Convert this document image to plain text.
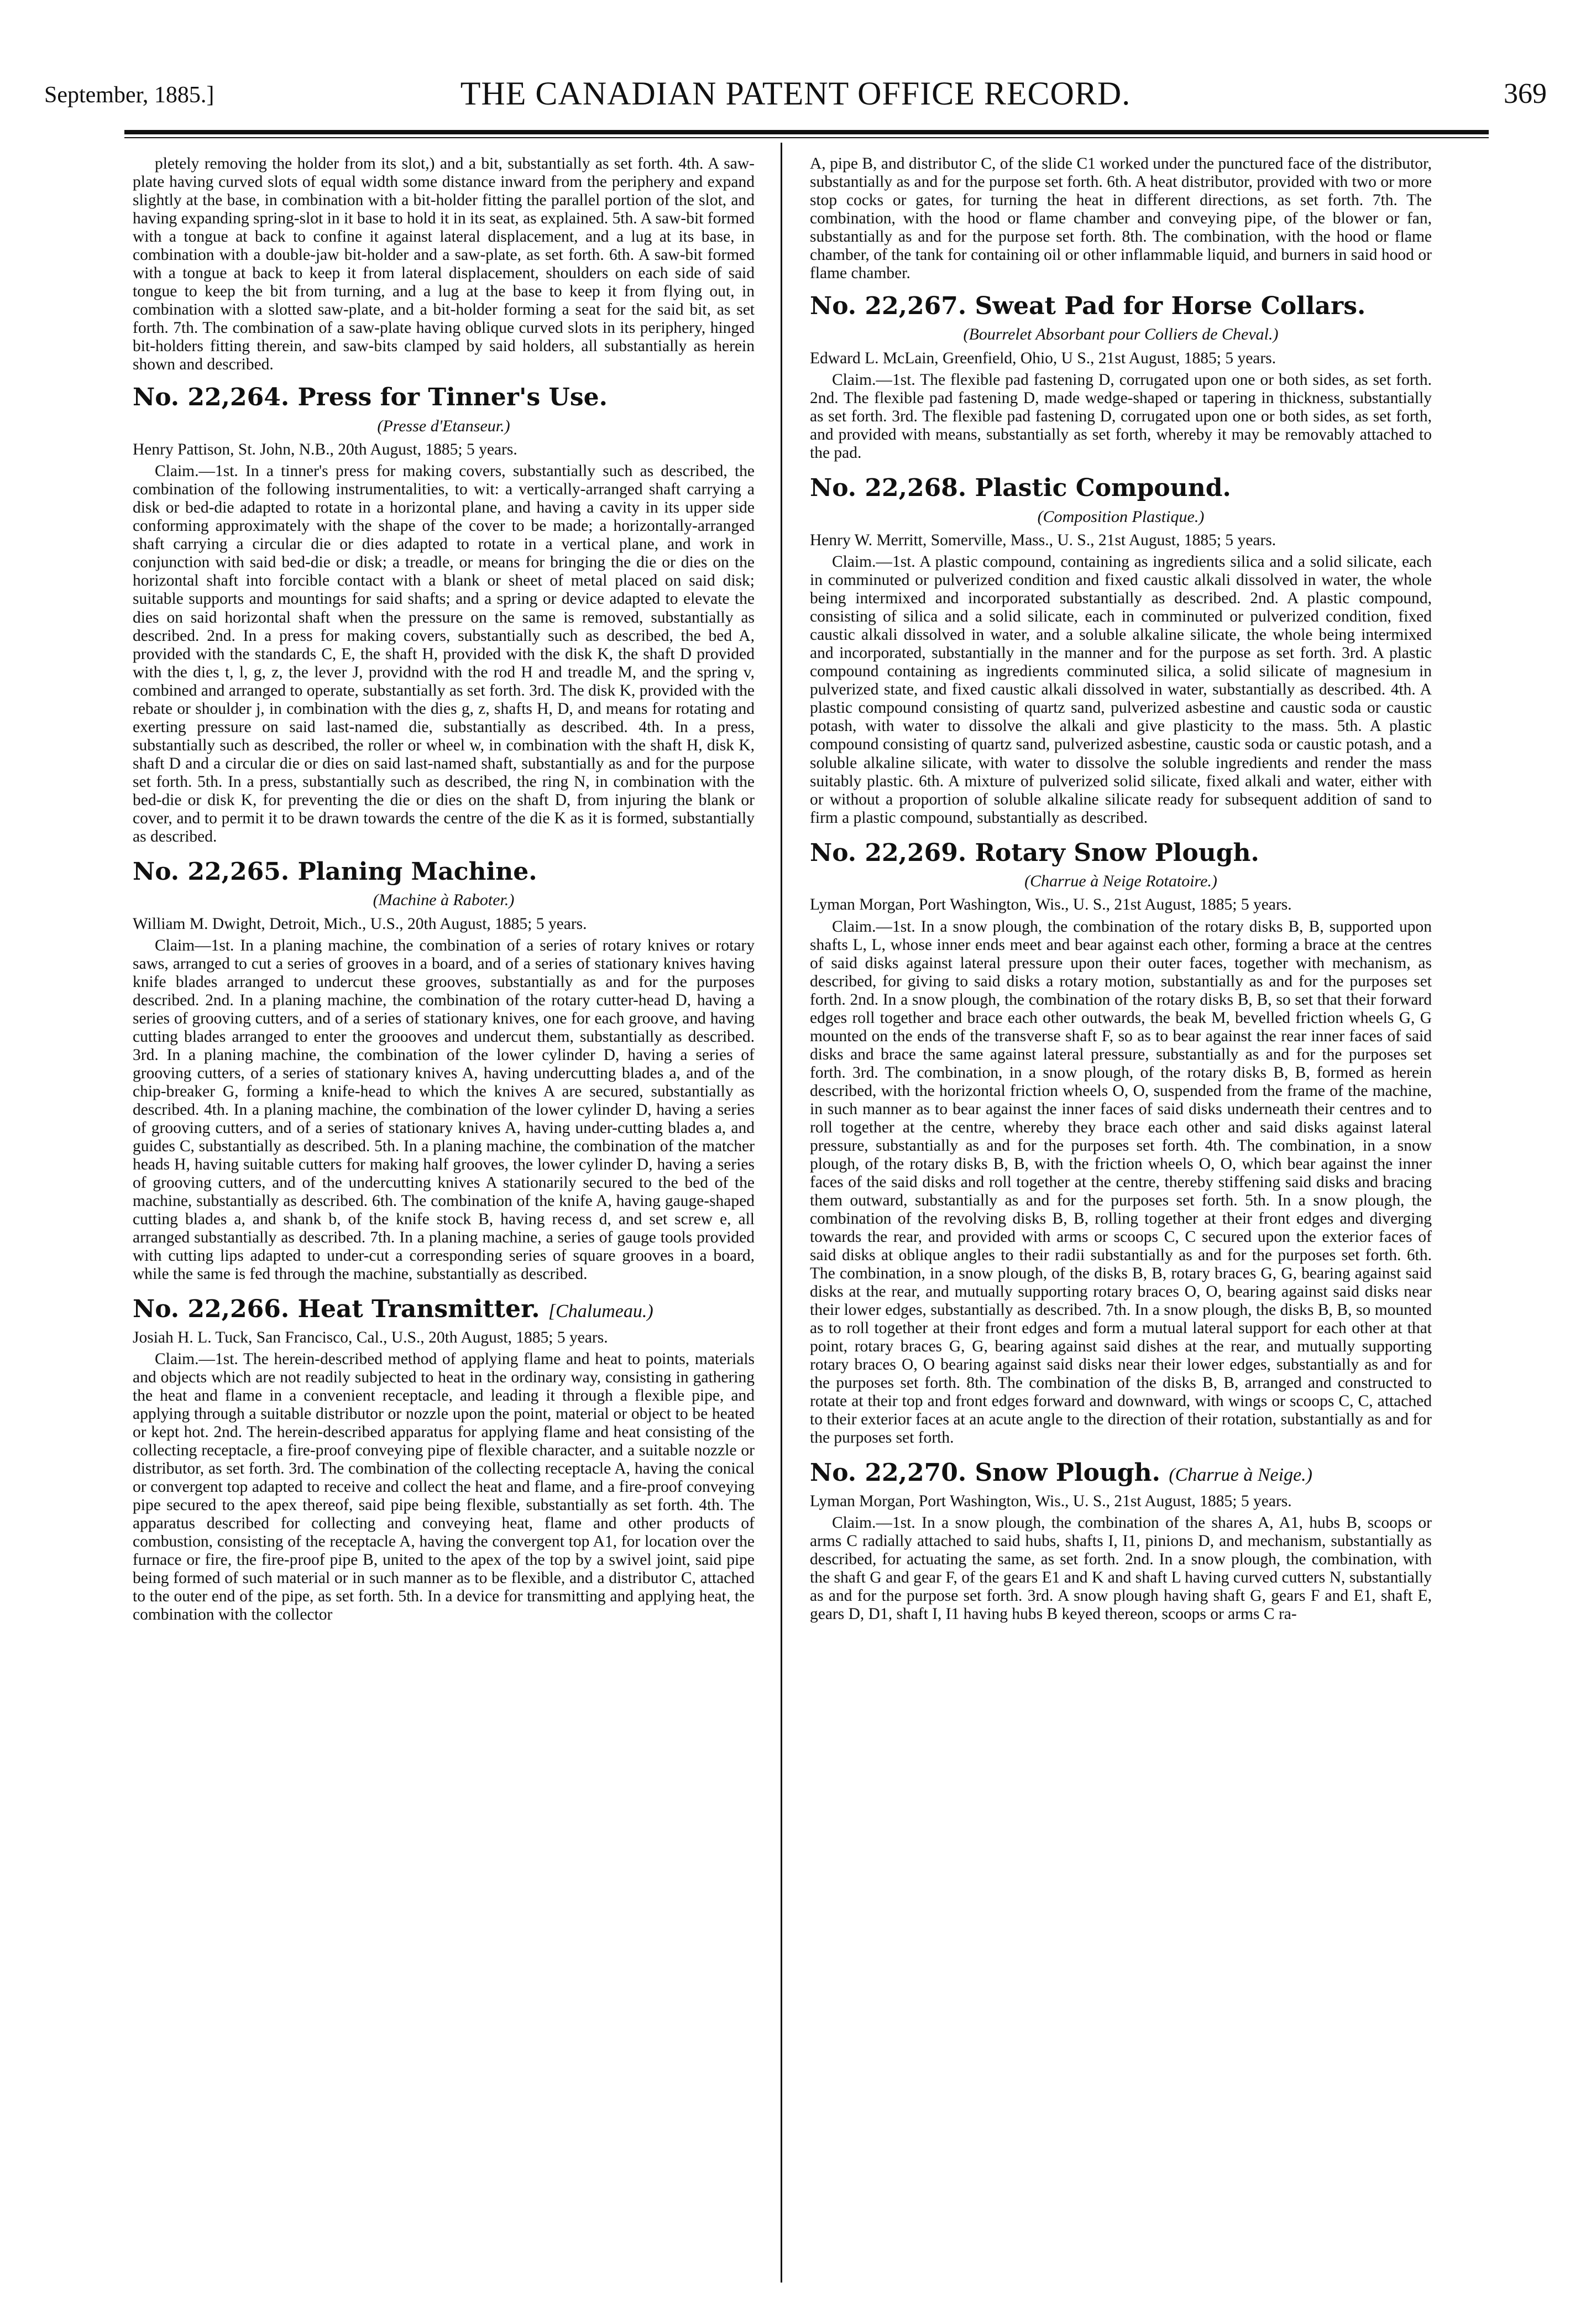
September, 1885.]	THE CANADIAN PATENT OFFICE RECORD.	369

pletely removing the holder from its slot,) and a bit, substantially as set forth. 4th. A saw-plate having curved slots of equal width some distance inward from the periphery and expand slightly at the base, in combination with a bit-holder fitting the parallel portion of the slot, and having expanding spring-slot in it base to hold it in its seat, as explained. 5th. A saw-bit formed with a tongue at back to confine it against lateral displacement, and a lug at its base, in combination with a double-jaw bit-holder and a saw-plate, as set forth. 6th. A saw-bit formed with a tongue at back to keep it from lateral displacement, shoulders on each side of said tongue to keep the bit from turning, and a lug at the base to keep it from flying out, in combination with a slotted saw-plate, and a bit-holder forming a seat for the said bit, as set forth. 7th. The combination of a saw-plate having oblique curved slots in its periphery, hinged bit-holders fitting therein, and saw-bits clamped by said holders, all substantially as herein shown and described.

No. 22,264. Press for Tinner's Use.
(Presse d'Etanseur.)

Henry Pattison, St. John, N.B., 20th August, 1885; 5 years.

Claim.—1st. In a tinner's press for making covers, substantially such as described, the combination of the following instrumentalities, to wit: a vertically-arranged shaft carrying a disk or bed-die adapted to rotate in a horizontal plane, and having a cavity in its upper side conforming approximately with the shape of the cover to be made; a horizontally-arranged shaft carrying a circular die or dies adapted to rotate in a vertical plane, and work in conjunction with said bed-die or disk; a treadle, or means for bringing the die or dies on the horizontal shaft into forcible contact with a blank or sheet of metal placed on said disk; suitable supports and mountings for said shafts; and a spring or device adapted to elevate the dies on said horizontal shaft when the pressure on the same is removed, substantially as described. 2nd. In a press for making covers, substantially such as described, the bed A, provided with the standards C, E, the shaft H, provided with the disk K, the shaft D provided with the dies t, l, g, z, the lever J, providnd with the rod H and treadle M, and the spring v, combined and arranged to operate, substantially as set forth. 3rd. The disk K, provided with the rebate or shoulder j, in combination with the dies g, z, shafts H, D, and means for rotating and exerting pressure on said last-named die, substantially as described. 4th. In a press, substantially such as described, the roller or wheel w, in combination with the shaft H, disk K, shaft D and a circular die or dies on said last-named shaft, substantially as and for the purpose set forth. 5th. In a press, substantially such as described, the ring N, in combination with the bed-die or disk K, for preventing the die or dies on the shaft D, from injuring the blank or cover, and to permit it to be drawn towards the centre of the die K as it is formed, substantially as described.

No. 22,265. Planing Machine.
(Machine à Raboter.)

William M. Dwight, Detroit, Mich., U.S., 20th August, 1885; 5 years.

Claim—1st. In a planing machine, the combination of a series of rotary knives or rotary saws, arranged to cut a series of grooves in a board, and of a series of stationary knives having knife blades arranged to undercut these grooves, substantially as and for the purposes described. 2nd. In a planing machine, the combination of the rotary cutter-head D, having a series of grooving cutters, and of a series of stationary knives, one for each groove, and having cutting blades arranged to enter the groooves and undercut them, substantially as described. 3rd. In a planing machine, the combination of the lower cylinder D, having a series of grooving cutters, of a series of stationary knives A, having undercutting blades a, and of the chip-breaker G, forming a knife-head to which the knives A are secured, substantially as described. 4th. In a planing machine, the combination of the lower cylinder D, having a series of grooving cutters, and of a series of stationary knives A, having under-cutting blades a, and guides C, substantially as described. 5th. In a planing machine, the combination of the matcher heads H, having suitable cutters for making half grooves, the lower cylinder D, having a series of grooving cutters, and of the undercutting knives A stationarily secured to the bed of the machine, substantially as described. 6th. The combination of the knife A, having gauge-shaped cutting blades a, and shank b, of the knife stock B, having recess d, and set screw e, all arranged substantially as described. 7th. In a planing machine, a series of gauge tools provided with cutting lips adapted to under-cut a corresponding series of square grooves in a board, while the same is fed through the machine, substantially as described.

No. 22,266. Heat Transmitter. [Chalumeau.)

Josiah H. L. Tuck, San Francisco, Cal., U.S., 20th August, 1885; 5 years.

Claim.—1st. The herein-described method of applying flame and heat to points, materials and objects which are not readily subjected to heat in the ordinary way, consisting in gathering the heat and flame in a convenient receptacle, and leading it through a flexible pipe, and applying through a suitable distributor or nozzle upon the point, material or object to be heated or kept hot. 2nd. The herein-described apparatus for applying flame and heat consisting of the collecting receptacle, a fire-proof conveying pipe of flexible character, and a suitable nozzle or distributor, as set forth. 3rd. The combination of the collecting receptacle A, having the conical or convergent top adapted to receive and collect the heat and flame, and a fire-proof conveying pipe secured to the apex thereof, said pipe being flexible, substantially as set forth. 4th. The apparatus described for collecting and conveying heat, flame and other products of combustion, consisting of the receptacle A, having the convergent top A1, for location over the furnace or fire, the fire-proof pipe B, united to the apex of the top by a swivel joint, said pipe being formed of such material or in such manner as to be flexible, and a distributor C, attached to the outer end of the pipe, as set forth. 5th. In a device for transmitting and applying heat, the combination with the collector

A, pipe B, and distributor C, of the slide C1 worked under the punctured face of the distributor, substantially as and for the purpose set forth. 6th. A heat distributor, provided with two or more stop cocks or gates, for turning the heat in different directions, as set forth. 7th. The combination, with the hood or flame chamber and conveying pipe, of the blower or fan, substantially as and for the purpose set forth. 8th. The combination, with the hood or flame chamber, of the tank for containing oil or other inflammable liquid, and burners in said hood or flame chamber.

No. 22,267. Sweat Pad for Horse Collars.
(Bourrelet Absorbant pour Colliers de Cheval.)

Edward L. McLain, Greenfield, Ohio, U S., 21st August, 1885; 5 years.

Claim.—1st. The flexible pad fastening D, corrugated upon one or both sides, as set forth. 2nd. The flexible pad fastening D, made wedge-shaped or tapering in thickness, substantially as set forth. 3rd. The flexible pad fastening D, corrugated upon one or both sides, as set forth, and provided with means, substantially as set forth, whereby it may be removably attached to the pad.

No. 22,268. Plastic Compound.
(Composition Plastique.)

Henry W. Merritt, Somerville, Mass., U. S., 21st August, 1885; 5 years.

Claim.—1st. A plastic compound, containing as ingredients silica and a solid silicate, each in comminuted or pulverized condition and fixed caustic alkali dissolved in water, the whole being intermixed and incorporated substantially as described. 2nd. A plastic compound, consisting of silica and a solid silicate, each in comminuted or pulverized condition, fixed caustic alkali dissolved in water, and a soluble alkaline silicate, the whole being intermixed and incorporated, substantially in the manner and for the purpose as set forth. 3rd. A plastic compound containing as ingredients comminuted silica, a solid silicate of magnesium in pulverized state, and fixed caustic alkali dissolved in water, substantially as described. 4th. A plastic compound consisting of quartz sand, pulverized asbestine and caustic soda or caustic potash, with water to dissolve the alkali and give plasticity to the mass. 5th. A plastic compound consisting of quartz sand, pulverized asbestine, caustic soda or caustic potash, and a soluble alkaline silicate, with water to dissolve the soluble ingredients and render the mass suitably plastic. 6th. A mixture of pulverized solid silicate, fixed alkali and water, either with or without a proportion of soluble alkaline silicate ready for subsequent addition of sand to firm a plastic compound, substantially as described.

No. 22,269. Rotary Snow Plough.
(Charrue à Neige Rotatoire.)

Lyman Morgan, Port Washington, Wis., U. S., 21st August, 1885; 5 years.

Claim.—1st. In a snow plough, the combination of the rotary disks B, B, supported upon shafts L, L, whose inner ends meet and bear against each other, forming a brace at the centres of said disks against lateral pressure upon their outer faces, together with mechanism, as described, for giving to said disks a rotary motion, substantially as and for the purposes set forth. 2nd. In a snow plough, the combination of the rotary disks B, B, so set that their forward edges roll together and brace each other outwards, the beak M, bevelled friction wheels G, G mounted on the ends of the transverse shaft F, so as to bear against the rear inner faces of said disks and brace the same against lateral pressure, substantially as and for the purposes set forth. 3rd. The combination, in a snow plough, of the rotary disks B, B, formed as herein described, with the horizontal friction wheels O, O, suspended from the frame of the machine, in such manner as to bear against the inner faces of said disks underneath their centres and to roll together at the centre, whereby they brace each other and said disks against lateral pressure, substantially as and for the purposes set forth. 4th. The combination, in a snow plough, of the rotary disks B, B, with the friction wheels O, O, which bear against the inner faces of the said disks and roll together at the centre, thereby stiffening said disks and bracing them outward, substantially as and for the purposes set forth. 5th. In a snow plough, the combination of the revolving disks B, B, rolling together at their front edges and diverging towards the rear, and provided with arms or scoops C, C secured upon the exterior faces of said disks at oblique angles to their radii substantially as and for the purposes set forth. 6th. The combination, in a snow plough, of the disks B, B, rotary braces G, G, bearing against said disks at the rear, and mutually supporting rotary braces O, O, bearing against said disks near their lower edges, substantially as described. 7th. In a snow plough, the disks B, B, so mounted as to roll together at their front edges and form a mutual lateral support for each other at that point, rotary braces G, G, bearing against said dishes at the rear, and mutually supporting rotary braces O, O bearing against said disks near their lower edges, substantially as and for the purposes set forth. 8th. The combination of the disks B, B, arranged and constructed to rotate at their top and front edges forward and downward, with wings or scoops C, C, attached to their exterior faces at an acute angle to the direction of their rotation, substantially as and for the purposes set forth.

No. 22,270. Snow Plough. (Charrue à Neige.)

Lyman Morgan, Port Washington, Wis., U. S., 21st August, 1885; 5 years.

Claim.—1st. In a snow plough, the combination of the shares A, A1, hubs B, scoops or arms C radially attached to said hubs, shafts I, I1, pinions D, and mechanism, substantially as described, for actuating the same, as set forth. 2nd. In a snow plough, the combination, with the shaft G and gear F, of the gears E1 and K and shaft L having curved cutters N, substantially as and for the purpose set forth. 3rd. A snow plough having shaft G, gears F and E1, shaft E, gears D, D1, shaft I, I1 having hubs B keyed thereon, scoops or arms C ra-
